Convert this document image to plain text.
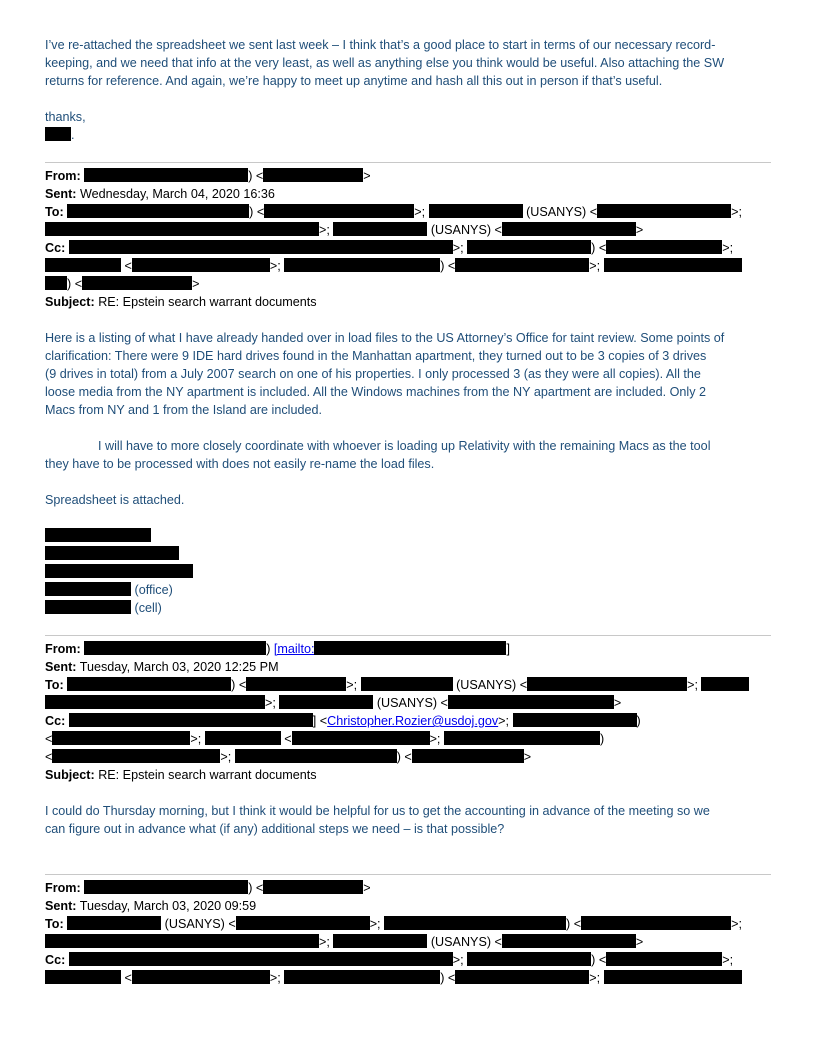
I’ve re-attached the spreadsheet we sent last week – I think that’s a good place to start in terms of our necessary record-
keeping, and we need that info at the very least, as well as anything else you think would be useful. Also attaching the SW
returns for reference. And again, we’re happy to meet up anytime and hash all this out in person if that’s useful.
thanks,
.
From:	) <	>
Sent: Wednesday, March 04, 2020 16:36
To:	) <	>;	(USANYS) <	>;
>;	(USANYS) <	>
Cc:	>;	) <	>;
<	>;	) <	>;
) <	>
Subject: RE: Epstein search warrant documents
Here is a listing of what I have already handed over in load files to the US Attorney’s Office for taint review. Some points of
clarification: There were 9 IDE hard drives found in the Manhattan apartment, they turned out to be 3 copies of 3 drives
(9 drives in total) from a July 2007 search on one of his properties. I only processed 3 (as they were all copies). All the
loose media from the NY apartment is included. All the Windows machines from the NY apartment are included. Only 2
Macs from NY and 1 from the Island are included.
I will have to more closely coordinate with whoever is loading up Relativity with the remaining Macs as the tool
they have to be processed with does not easily re-name the load files.
Spreadsheet is attached.
(office)
(cell)
From:	) [mailto:	]
Sent: Tuesday, March 03, 2020 12:25 PM
To:	) <	>;	(USANYS) <	>;
>;	(USANYS) <	>
Cc:	] <Christopher.Rozier@usdoj.gov>;	)
<	>;	<	>;	)
<	>;	) <	>
Subject: RE: Epstein search warrant documents
I could do Thursday morning, but I think it would be helpful for us to get the accounting in advance of the meeting so we
can figure out in advance what (if any) additional steps we need – is that possible?
From:	) <	>
Sent: Tuesday, March 03, 2020 09:59
To:	(USANYS) <	>;	) <	>;
>;	(USANYS) <	>
Cc:	>;	) <	>;
<	>;	) <	>;
